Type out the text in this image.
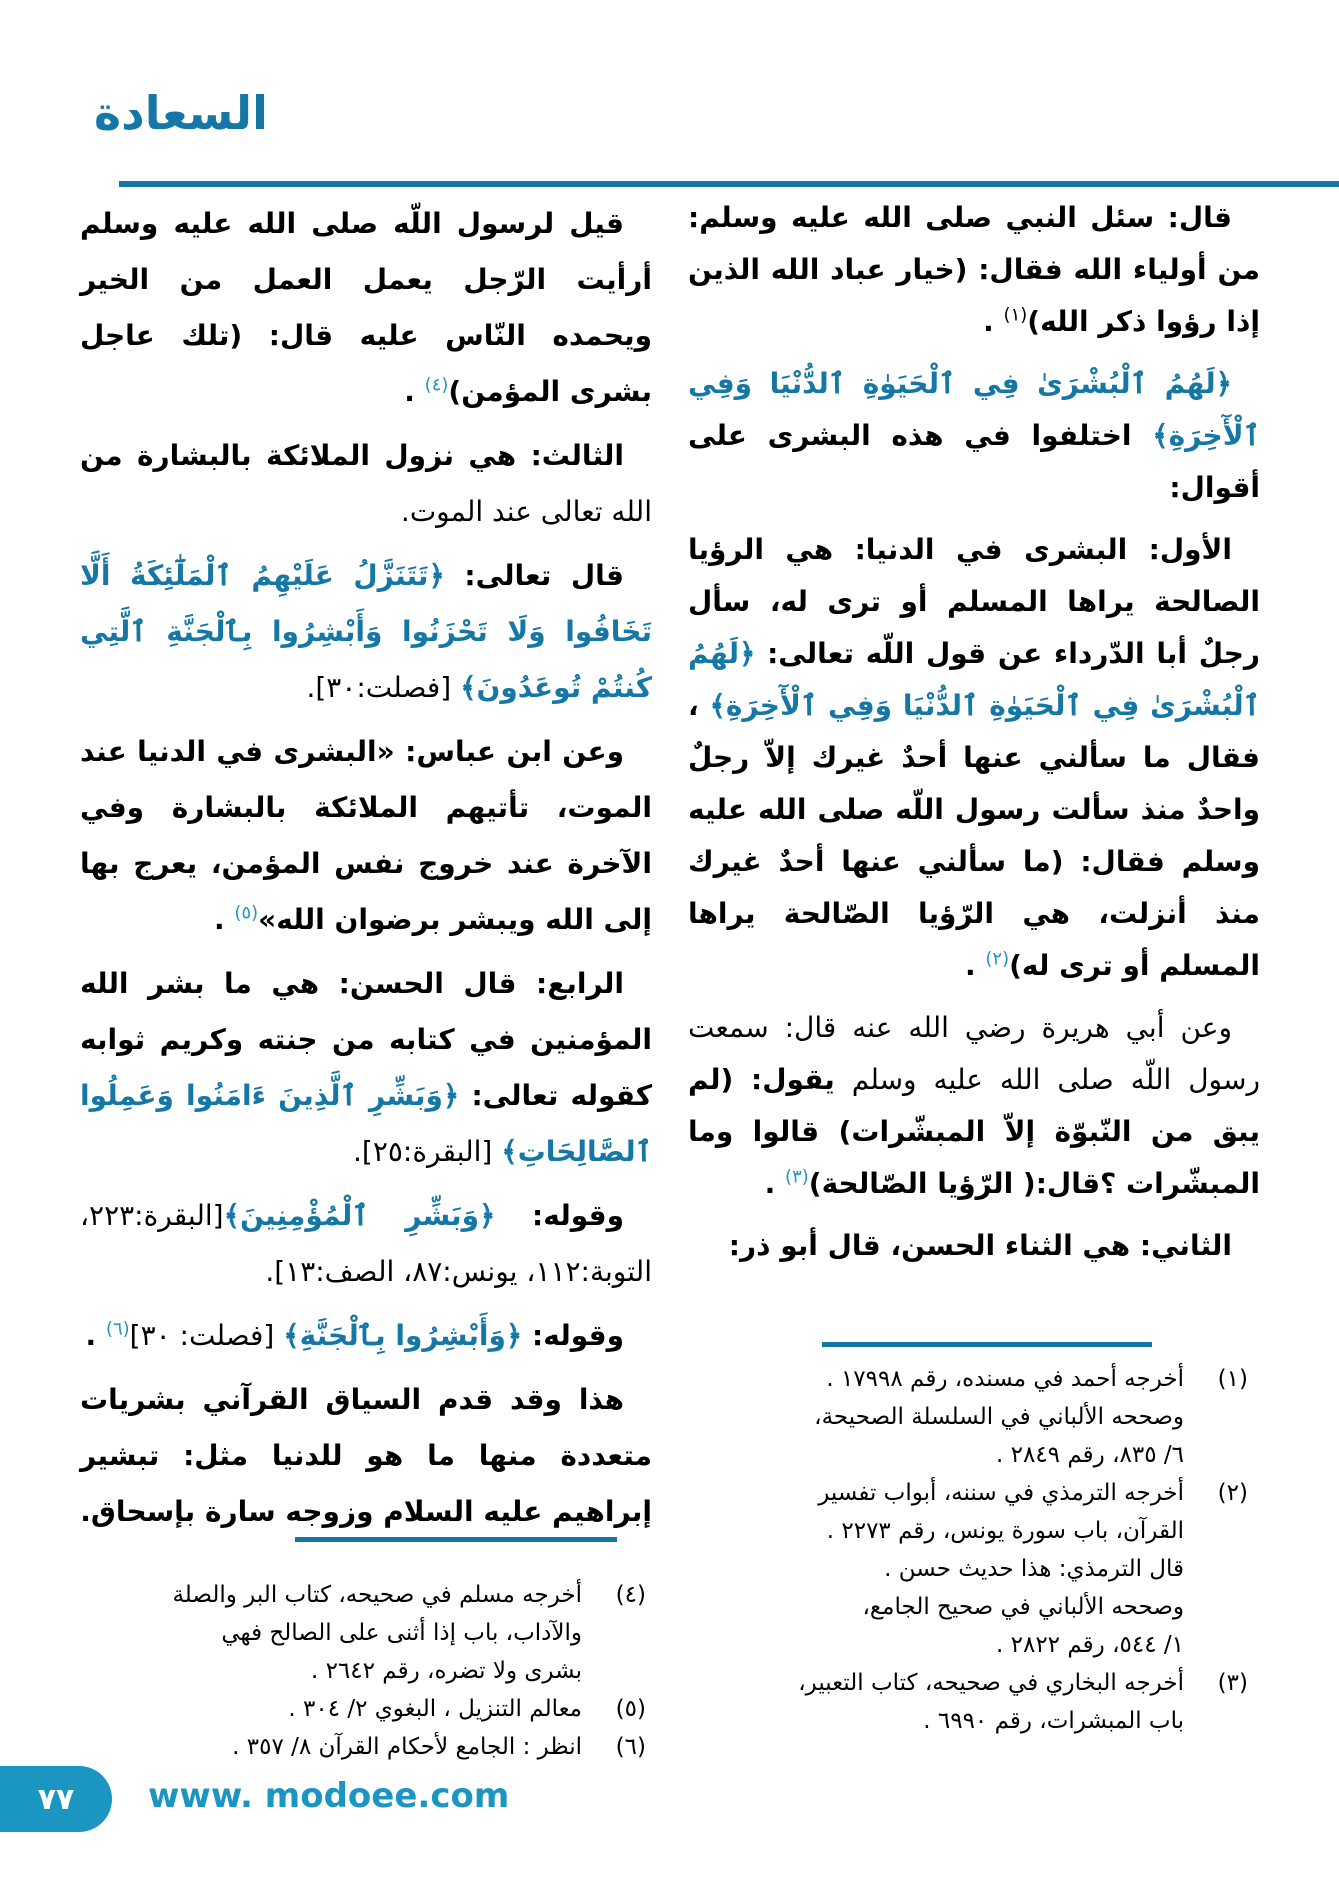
السعادة

قال: سئل النبي صلى الله عليه وسلم: من أولياء الله فقال: (خيار عباد الله الذين إذا رؤوا ذكر الله)$^{(١)}$ .

﴿لَهُمُ ٱلْبُشْرَىٰ فِي ٱلْحَيَوٰةِ ٱلدُّنْيَا وَفِي ٱلْأٓخِرَةِ﴾ اختلفوا في هذه البشرى على أقوال:

الأول: البشرى في الدنيا: هي الرؤيا الصالحة يراها المسلم أو ترى له، سأل رجلٌ أبا الدّرداء عن قول اللّه تعالى: ﴿لَهُمُ ٱلْبُشْرَىٰ فِي ٱلْحَيَوٰةِ ٱلدُّنْيَا وَفِي ٱلْأٓخِرَةِ﴾ ، فقال ما سألني عنها أحدٌ غيرك إلاّ رجلٌ واحدٌ منذ سألت رسول اللّه صلى الله عليه وسلم فقال: (ما سألني عنها أحدٌ غيرك منذ أنزلت، هي الرّؤيا الصّالحة يراها المسلم أو ترى له)$^{(٢)}$ .

وعن أبي هريرة رضي الله عنه قال: سمعت رسول اللّه صلى الله عليه وسلم يقول: (لم يبق من النّبوّة إلاّ المبشّرات) قالوا وما المبشّرات ؟قال:( الرّؤيا الصّالحة)$^{(٣)}$ .

الثاني: هي الثناء الحسن، قال أبو ذر:

قيل لرسول اللّه صلى الله عليه وسلم أرأيت الرّجل يعمل العمل من الخير ويحمده النّاس عليه قال: (تلك عاجل بشرى المؤمن)$^{(٤)}$ .

الثالث: هي نزول الملائكة بالبشارة من الله تعالى عند الموت.

قال تعالى: ﴿تَتَنَزَّلُ عَلَيْهِمُ ٱلْمَلَٰٓئِكَةُ أَلَّا تَخَافُوا وَلَا تَحْزَنُوا وَأَبْشِرُوا بِٱلْجَنَّةِ ٱلَّتِي كُنتُمْ تُوعَدُونَ﴾ [فصلت:٣٠].

وعن ابن عباس: «البشرى في الدنيا عند الموت، تأتيهم الملائكة بالبشارة وفي الآخرة عند خروج نفس المؤمن، يعرج بها إلى الله ويبشر برضوان الله»$^{(٥)}$ .

الرابع: قال الحسن: هي ما بشر الله المؤمنين في كتابه من جنته وكريم ثوابه كقوله تعالى: ﴿وَبَشِّرِ ٱلَّذِينَ ءَامَنُوا وَعَمِلُوا ٱلصَّالِحَاتِ﴾ [البقرة:٢٥].

وقوله: ﴿وَبَشِّرِ ٱلْمُؤْمِنِينَ﴾[البقرة:٢٢٣، التوبة:١١٢، يونس:٨٧، الصف:١٣].

وقوله: ﴿وَأَبْشِرُوا بِٱلْجَنَّةِ﴾ [فصلت: ٣٠]$^{(٦)}$ .

هذا وقد قدم السياق القرآني بشريات متعددة منها ما هو للدنيا مثل: تبشير إبراهيم عليه السلام وزوجه سارة بإسحاق.

(١)
أخرجه أحمد في مسنده، رقم ١٧٩٩٨ .
وصححه الألباني في السلسلة الصحيحة،
٦/ ٨٣٥، رقم ٢٨٤٩ .
(٢)
أخرجه الترمذي في سننه، أبواب تفسير
القرآن، باب سورة يونس، رقم ٢٢٧٣ .
قال الترمذي: هذا حديث حسن .
وصححه الألباني في صحيح الجامع،
١/ ٥٤٤، رقم ٢٨٢٢ .
(٣)
أخرجه البخاري في صحيحه، كتاب التعبير،
باب المبشرات، رقم ٦٩٩٠ .
(٤)
أخرجه مسلم في صحيحه، كتاب البر والصلة
والآداب، باب إذا أثنى على الصالح فهي
بشرى ولا تضره، رقم ٢٦٤٢ .
(٥)
معالم التنزيل ، البغوي ٢/ ٣٠٤ .
(٦)
انظر : الجامع لأحكام القرآن ٨/ ٣٥٧ .
٧٧ www. modoee.com
